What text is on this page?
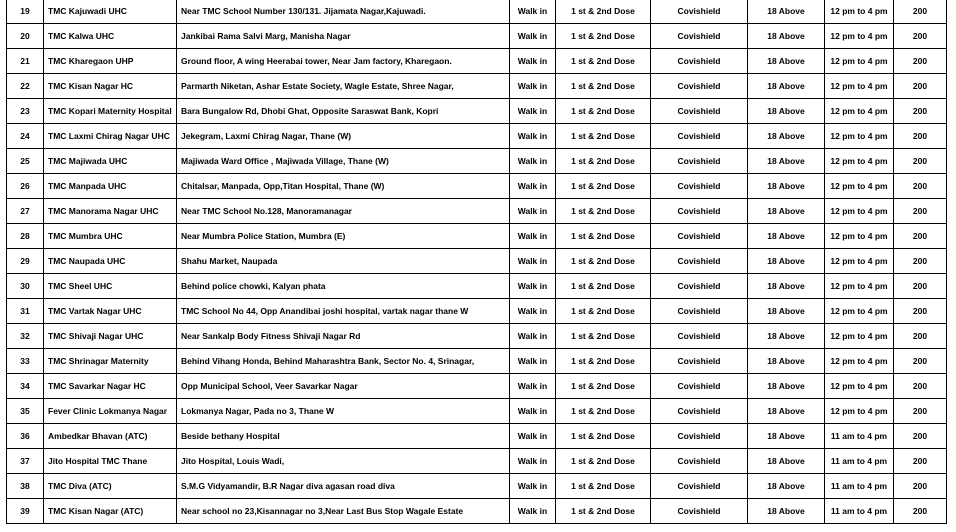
19	TMC Kajuwadi UHC	Near TMC School Number 130/131. Jijamata Nagar,Kajuwadi.	Walk in	1 st & 2nd Dose	Covishield	18 Above	12 pm to 4 pm	200
20	TMC Kalwa UHC	Jankibai Rama Salvi Marg, Manisha Nagar	Walk in	1 st & 2nd Dose	Covishield	18 Above	12 pm to 4 pm	200
21	TMC Kharegaon UHP	Ground floor, A wing Heerabai tower, Near Jam factory, Kharegaon.	Walk in	1 st & 2nd Dose	Covishield	18 Above	12 pm to 4 pm	200
22	TMC Kisan Nagar HC	Parmarth Niketan, Ashar Estate Society, Wagle Estate, Shree Nagar,	Walk in	1 st & 2nd Dose	Covishield	18 Above	12 pm to 4 pm	200
23	TMC Kopari Maternity Hospital	Bara Bungalow Rd, Dhobi Ghat, Opposite Saraswat Bank, Kopri	Walk in	1 st & 2nd Dose	Covishield	18 Above	12 pm to 4 pm	200
24	TMC Laxmi Chirag Nagar UHC	Jekegram, Laxmi Chirag Nagar, Thane (W)	Walk in	1 st & 2nd Dose	Covishield	18 Above	12 pm to 4 pm	200
25	TMC Majiwada UHC	Majiwada Ward Office , Majiwada Village, Thane (W)	Walk in	1 st & 2nd Dose	Covishield	18 Above	12 pm to 4 pm	200
26	TMC Manpada UHC	Chitalsar, Manpada, Opp,Titan Hospital, Thane (W)	Walk in	1 st & 2nd Dose	Covishield	18 Above	12 pm to 4 pm	200
27	TMC Manorama Nagar UHC	Near TMC School No.128, Manoramanagar	Walk in	1 st & 2nd Dose	Covishield	18 Above	12 pm to 4 pm	200
28	TMC Mumbra UHC	Near Mumbra Police Station, Mumbra (E)	Walk in	1 st & 2nd Dose	Covishield	18 Above	12 pm to 4 pm	200
29	TMC Naupada UHC	Shahu Market, Naupada	Walk in	1 st & 2nd Dose	Covishield	18 Above	12 pm to 4 pm	200
30	TMC Sheel UHC	Behind police chowki, Kalyan phata	Walk in	1 st & 2nd Dose	Covishield	18 Above	12 pm to 4 pm	200
31	TMC Vartak Nagar UHC	TMC School No 44, Opp Anandibai joshi hospital, vartak nagar thane W	Walk in	1 st & 2nd Dose	Covishield	18 Above	12 pm to 4 pm	200
32	TMC Shivaji Nagar UHC	Near Sankalp Body Fitness Shivaji Nagar Rd	Walk in	1 st & 2nd Dose	Covishield	18 Above	12 pm to 4 pm	200
33	TMC Shrinagar Maternity	Behind Vihang Honda, Behind Maharashtra Bank, Sector No. 4, Srinagar,	Walk in	1 st & 2nd Dose	Covishield	18 Above	12 pm to 4 pm	200
34	TMC Savarkar Nagar HC	Opp Municipal School, Veer Savarkar Nagar	Walk in	1 st & 2nd Dose	Covishield	18 Above	12 pm to 4 pm	200
35	Fever Clinic Lokmanya Nagar	Lokmanya Nagar, Pada no 3, Thane W	Walk in	1 st & 2nd Dose	Covishield	18 Above	12 pm to 4 pm	200
36	Ambedkar Bhavan (ATC)	Beside bethany Hospital	Walk in	1 st & 2nd Dose	Covishield	18 Above	11 am to 4 pm	200
37	Jito Hospital TMC Thane	Jito Hospital, Louis Wadi,	Walk in	1 st & 2nd Dose	Covishield	18 Above	11 am to 4 pm	200
38	TMC Diva (ATC)	S.M.G Vidyamandir, B.R Nagar diva agasan road diva	Walk in	1 st & 2nd Dose	Covishield	18 Above	11 am to 4 pm	200
39	TMC Kisan Nagar (ATC)	Near school no 23,Kisannagar no 3,Near Last Bus Stop Wagale Estate	Walk in	1 st & 2nd Dose	Covishield	18 Above	11 am to 4 pm	200
